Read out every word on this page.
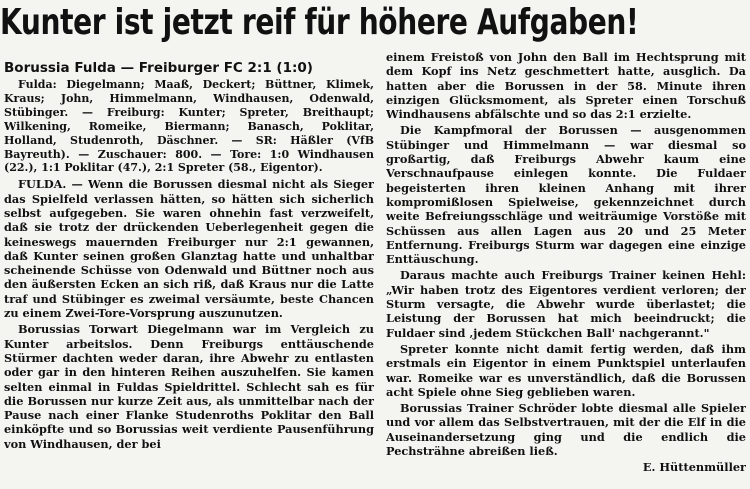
Kunter ist jetzt reif für höhere Aufgaben!
Borussia Fulda — Freiburger FC 2:1 (1:0)

Fulda: Diegelmann; Maaß, Deckert; Büttner, Klimek, Kraus; John, Himmelmann, Windhausen, Odenwald, Stübinger. — Freiburg: Kunter; Spreter, Breithaupt; Wilkening, Romeike, Biermann; Banasch, Poklitar, Holland, Studenroth, Däschner. — SR: Häßler (VfB Bayreuth). — Zuschauer: 800. — Tore: 1:0 Windhausen (22.), 1:1 Poklitar (47.), 2:1 Spreter (58., Eigentor).

FULDA. — Wenn die Borussen diesmal nicht als Sieger das Spielfeld verlassen hätten, so hätten sich sicherlich selbst aufgegeben. Sie waren ohnehin fast verzweifelt, daß sie trotz der drückenden Ueberlegenheit gegen die keineswegs mauernden Freiburger nur 2:1 gewannen, daß Kunter seinen großen Glanztag hatte und unhaltbar scheinende Schüsse von Odenwald und Büttner noch aus den äußersten Ecken an sich riß, daß Kraus nur die Latte traf und Stübinger es zweimal versäumte, beste Chancen zu einem Zwei-Tore-Vorsprung auszunutzen.

Borussias Torwart Diegelmann war im Vergleich zu Kunter arbeitslos. Denn Freiburgs enttäuschende Stürmer dachten weder daran, ihre Abwehr zu entlasten oder gar in den hinteren Reihen auszuhelfen. Sie kamen selten einmal in Fuldas Spieldrittel. Schlecht sah es für die Borussen nur kurze Zeit aus, als unmittelbar nach der Pause nach einer Flanke Studenroths Poklitar den Ball einköpfte und so Borussias weit verdiente Pausenführung von Windhausen, der bei

einem Freistoß von John den Ball im Hechtsprung mit dem Kopf ins Netz geschmettert hatte, ausglich. Da hatten aber die Borussen in der 58. Minute ihren einzigen Glücksmoment, als Spreter einen Torschuß Windhausens abfälschte und so das 2:1 erzielte.

Die Kampfmoral der Borussen — ausgenommen Stübinger und Himmelmann — war diesmal so großartig, daß Freiburgs Abwehr kaum eine Verschnaufpause einlegen konnte. Die Fuldaer begeisterten ihren kleinen Anhang mit ihrer kompromißlosen Spielweise, gekennzeichnet durch weite Befreiungsschläge und weiträumige Vorstöße mit Schüssen aus allen Lagen aus 20 und 25 Meter Entfernung. Freiburgs Sturm war dagegen eine einzige Enttäuschung.

Daraus machte auch Freiburgs Trainer keinen Hehl: „Wir haben trotz des Eigentores verdient verloren; der Sturm versagte, die Abwehr wurde überlastet; die Leistung der Borussen hat mich beeindruckt; die Fuldaer sind ‚jedem Stückchen Ball' nachgerannt."

Spreter konnte nicht damit fertig werden, daß ihm erstmals ein Eigentor in einem Punktspiel unterlaufen war. Romeike war es unverständlich, daß die Borussen acht Spiele ohne Sieg geblieben waren.

Borussias Trainer Schröder lobte diesmal alle Spieler und vor allem das Selbstvertrauen, mit der die Elf in die Auseinandersetzung ging und die endlich die Pechsträhne abreißen ließ.

E. Hüttenmüller
